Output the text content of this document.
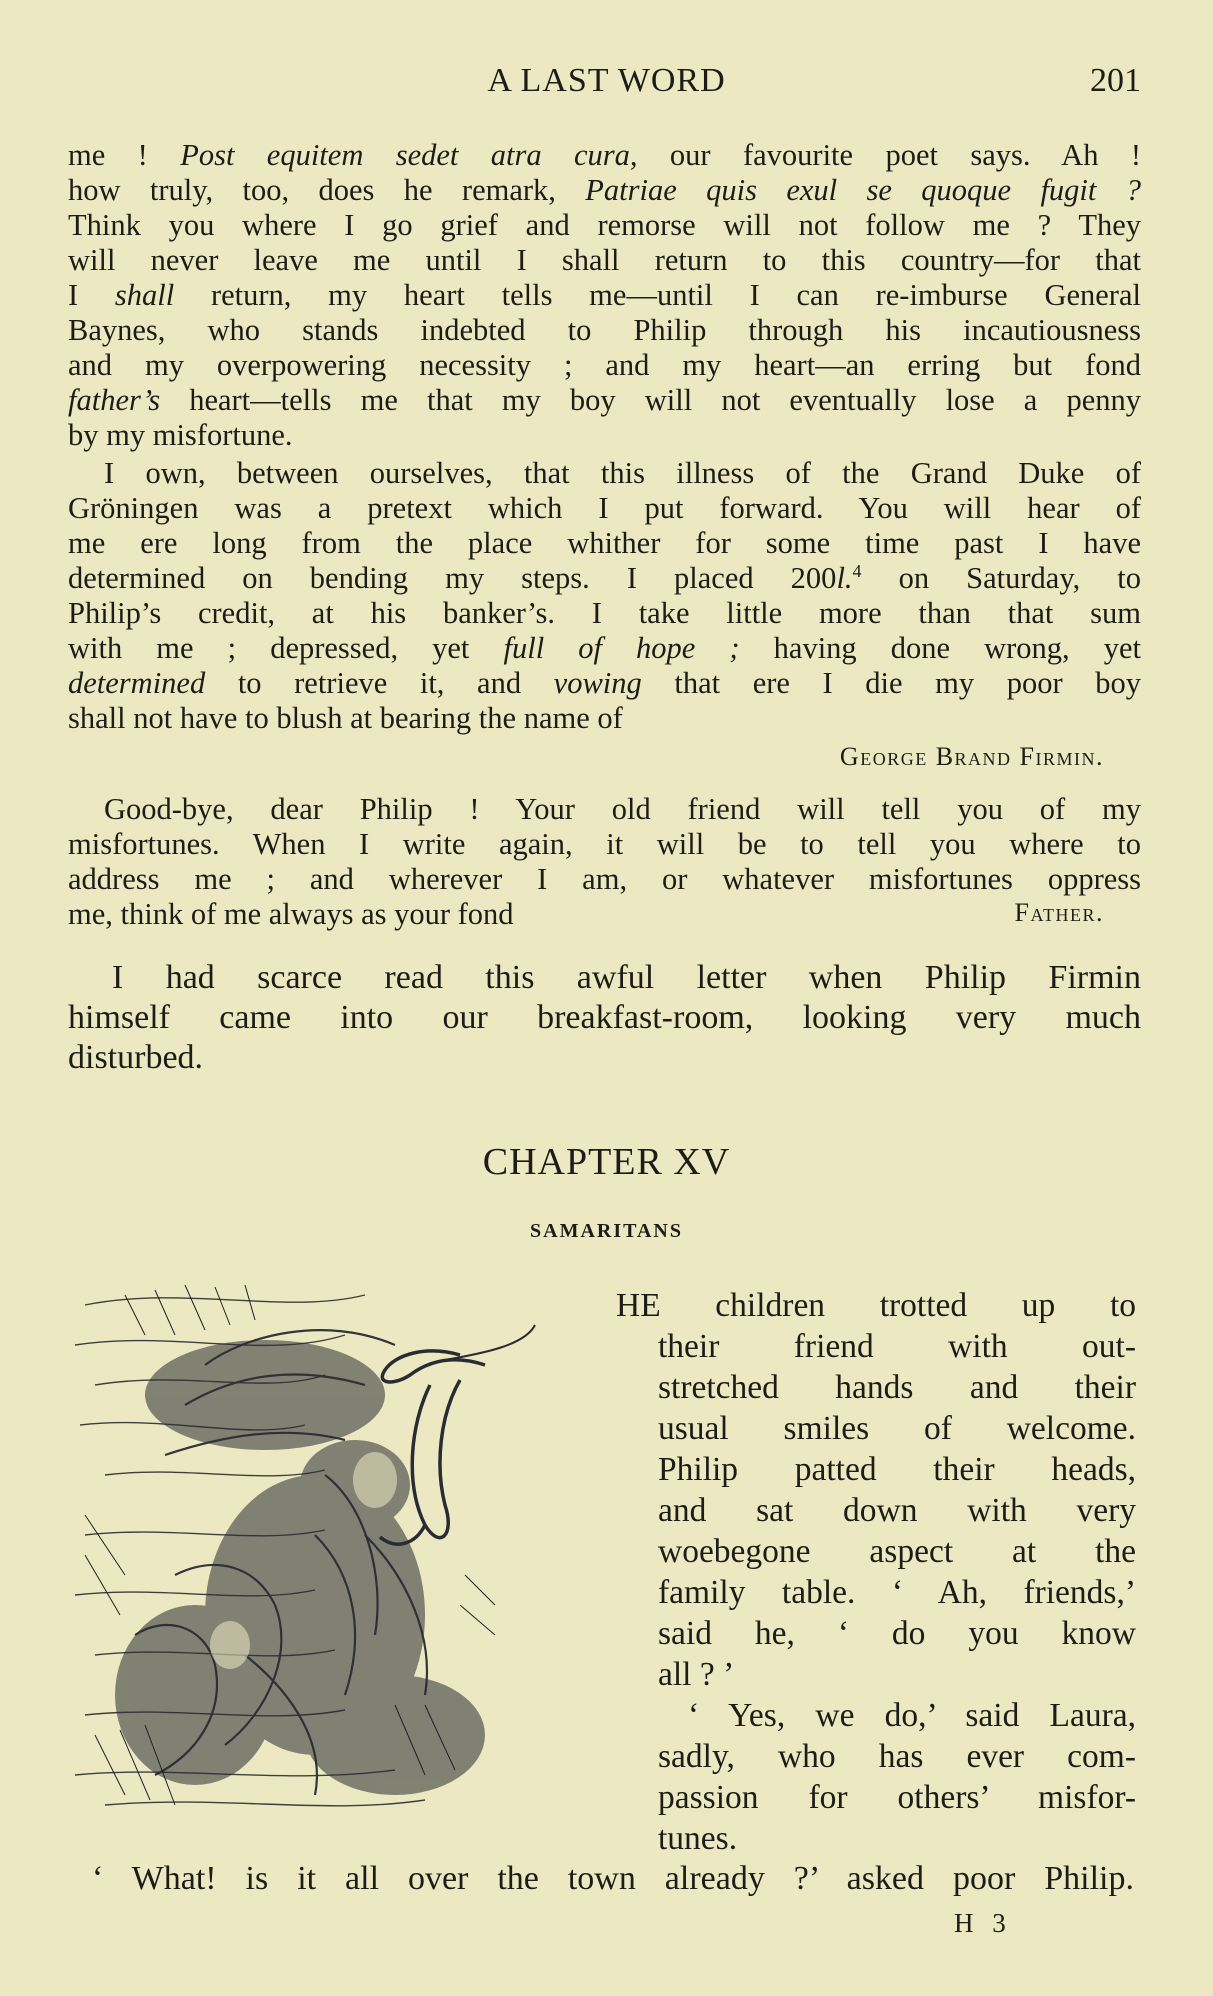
A LAST WORD	201
me ! Post equitem sedet atra cura, our favourite poet says. Ah !
how truly, too, does he remark, Patriae quis exul se quoque fugit ?
Think you where I go grief and remorse will not follow me ? They
will never leave me until I shall return to this country—for that
I shall return, my heart tells me—until I can re-imburse General
Baynes, who stands indebted to Philip through his incautiousness
and my overpowering necessity ; and my heart—an erring but fond
father’s heart—tells me that my boy will not eventually lose a penny
by my misfortune.
I own, between ourselves, that this illness of the Grand Duke of
Gröningen was a pretext which I put forward. You will hear of
me ere long from the place whither for some time past I have
determined on bending my steps. I placed 200l.$^4$ on Saturday, to
Philip’s credit, at his banker’s. I take little more than that sum
with me ; depressed, yet full of hope ; having done wrong, yet
determined to retrieve it, and vowing that ere I die my poor boy
shall not have to blush at bearing the name of
George Brand Firmin.
Good-bye, dear Philip ! Your old friend will tell you of my
misfortunes. When I write again, it will be to tell you where to
address me ; and wherever I am, or whatever misfortunes oppress
me, think of me always as your fond	Father.
I had scarce read this awful letter when Philip Firmin
himself came into our breakfast-room, looking very much
disturbed.
CHAPTER XV
SAMARITANS
HE children trotted up to
their friend with out-
stretched hands and their
usual smiles of welcome.
Philip patted their heads,
and sat down with very
woebegone aspect at the
family table. ‘ Ah, friends,’
said he, ‘ do you know
all ? ’
‘ Yes, we do,’ said Laura,
sadly, who has ever com-
passion for others’ misfor-
tunes.
‘ What! is it all over the town already ?’ asked poor Philip.
H 3
